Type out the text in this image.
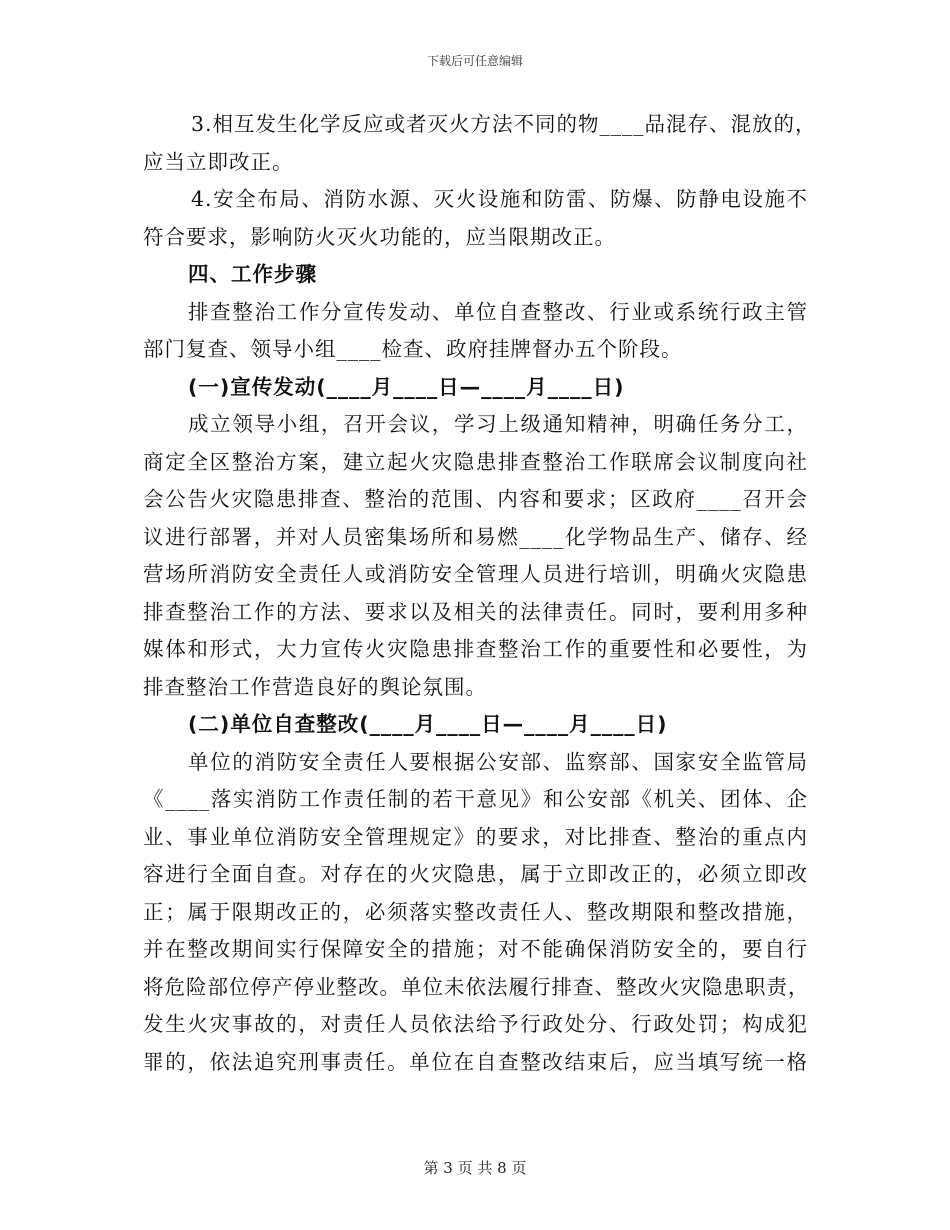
下载后可任意编辑
3.相互发生化学反应或者灭火方法不同的物____品混存、混放的，
应当立即改正。
4.安全布局、消防水源、灭火设施和防雷、防爆、防静电设施不
符合要求，影响防火灭火功能的，应当限期改正。
四、工作步骤
排查整治工作分宣传发动、单位自查整改、行业或系统行政主管
部门复查、领导小组____检查、政府挂牌督办五个阶段。
(一)宣传发动(____月____日—____月____日)
成立领导小组，召开会议，学习上级通知精神，明确任务分工，
商定全区整治方案，建立起火灾隐患排查整治工作联席会议制度向社
会公告火灾隐患排查、整治的范围、内容和要求；区政府____召开会
议进行部署，并对人员密集场所和易燃____化学物品生产、储存、经
营场所消防安全责任人或消防安全管理人员进行培训，明确火灾隐患
排查整治工作的方法、要求以及相关的法律责任。同时，要利用多种
媒体和形式，大力宣传火灾隐患排查整治工作的重要性和必要性，为
排查整治工作营造良好的舆论氛围。
(二)单位自查整改(____月____日—____月____日)
单位的消防安全责任人要根据公安部、监察部、国家安全监管局
《____落实消防工作责任制的若干意见》和公安部《机关、团体、企
业、事业单位消防安全管理规定》的要求，对比排查、整治的重点内
容进行全面自查。对存在的火灾隐患，属于立即改正的，必须立即改
正；属于限期改正的，必须落实整改责任人、整改期限和整改措施，
并在整改期间实行保障安全的措施；对不能确保消防安全的，要自行
将危险部位停产停业整改。单位未依法履行排查、整改火灾隐患职责，
发生火灾事故的，对责任人员依法给予行政处分、行政处罚；构成犯
罪的，依法追究刑事责任。单位在自查整改结束后，应当填写统一格
第 3 页 共 8 页
